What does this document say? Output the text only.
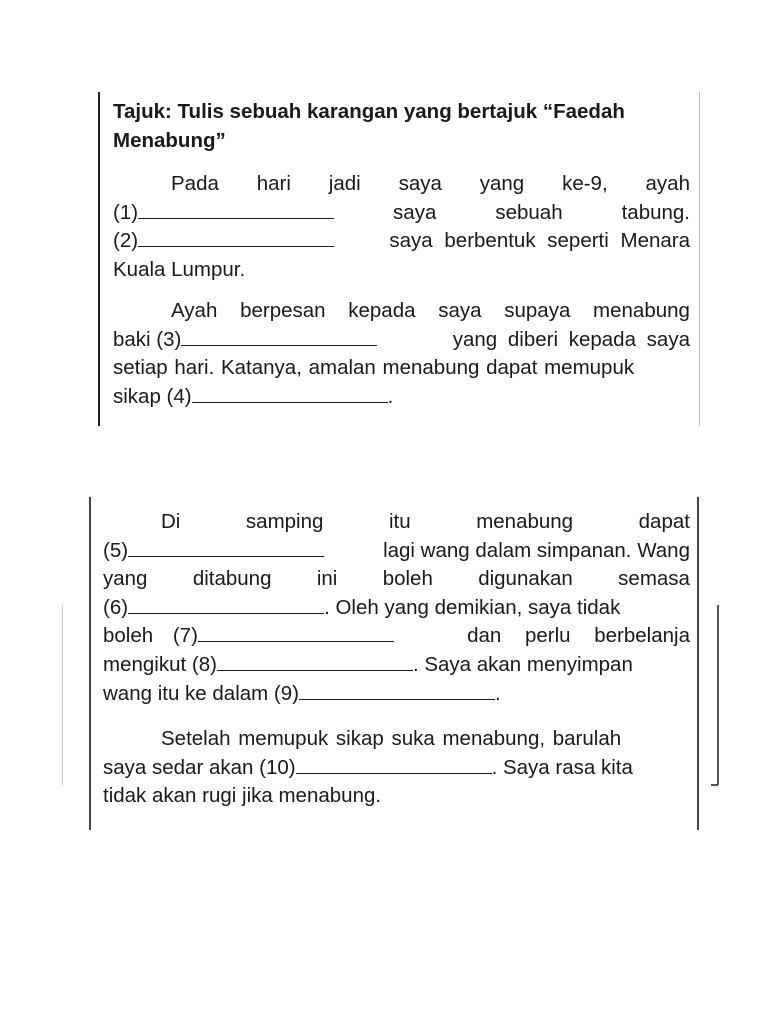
Tajuk: Tulis sebuah karangan yang bertajuk “Faedah
Menabung”
Pada hari jadi saya yang ke-9, ayah
(1)	saya	sebuah	tabung.
(2)	saya berbentuk seperti Menara
Kuala Lumpur.
Ayah berpesan kepada saya supaya menabung
baki (3)	yang diberi kepada saya
setiap hari. Katanya, amalan menabung dapat memupuk
sikap (4)	.
Di	samping	itu	menabung	dapat
(5)	lagi wang dalam simpanan. Wang
yang ditabung ini boleh digunakan semasa
(6)	. Oleh yang demikian, saya tidak
boleh (7)	dan perlu berbelanja
mengikut (8)	. Saya akan menyimpan
wang itu ke dalam (9)	.
Setelah memupuk sikap suka menabung, barulah
saya sedar akan (10)	. Saya rasa kita
tidak akan rugi jika menabung.
